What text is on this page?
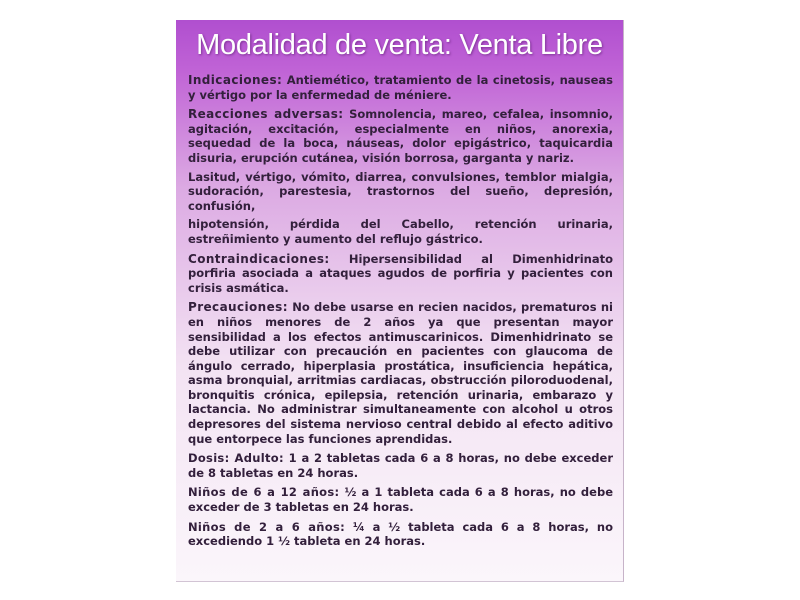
Modalidad de venta: Venta Libre

Indicaciones: Antiemético, tratamiento de la cinetosis, nauseas y vértigo por la enfermedad de méniere.

Reacciones adversas: Somnolencia, mareo, cefalea, insomnio, agitación, excitación, especialmente en niños, anorexia, sequedad de la boca, náuseas, dolor epigástrico, taquicardia disuria, erupción cutánea, visión borrosa, garganta y nariz.

Lasitud, vértigo, vómito, diarrea, convulsiones, temblor mialgia, sudoración, parestesia, trastornos del sueño, depresión, confusión,

hipotensión, pérdida del Cabello, retención urinaria, estreñimiento y aumento del reflujo gástrico.

Contraindicaciones: Hipersensibilidad al Dimenhidrinato porfiria asociada a ataques agudos de porfiria y pacientes con crisis asmática.

Precauciones: No debe usarse en recien nacidos, prematuros ni en niños menores de 2 años ya que presentan mayor sensibilidad a los efectos antimuscarinicos. Dimenhidrinato se debe utilizar con precaución en pacientes con glaucoma de ángulo cerrado, hiperplasia prostática, insuficiencia hepática, asma bronquial, arritmias cardiacas, obstrucción piloroduodenal, bronquitis crónica, epilepsia, retención urinaria, embarazo y lactancia. No administrar simultaneamente con alcohol u otros depresores del sistema nervioso central debido al efecto aditivo que entorpece las funciones aprendidas.

Dosis: Adulto: 1 a 2 tabletas cada 6 a 8 horas, no debe exceder de 8 tabletas en 24 horas.

Niños de 6 a 12 años: ½ a 1 tableta cada 6 a 8 horas, no debe exceder de 3 tabletas en 24 horas.

Niños de 2 a 6 años: ¼ a ½ tableta cada 6 a 8 horas, no excediendo 1 ½ tableta en 24 horas.
